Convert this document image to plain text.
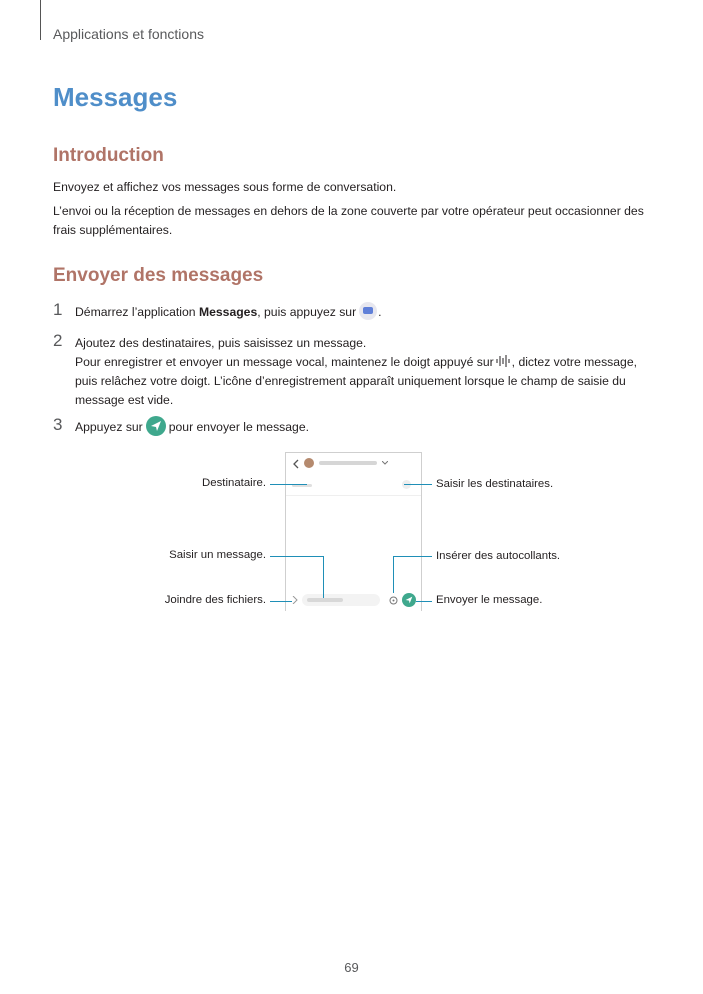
Applications et fonctions
Messages
Introduction
Envoyez et affichez vos messages sous forme de conversation.
L’envoi ou la réception de messages en dehors de la zone couverte par votre opérateur peut occasionner des frais supplémentaires.
Envoyer des messages
1 Démarrez l’application Messages, puis appuyez sur .
2 Ajoutez des destinataires, puis saisissez un message.
Pour enregistrer et envoyer un message vocal, maintenez le doigt appuyé sur , dictez votre message, puis relâchez votre doigt. L’icône d’enregistrement apparaît uniquement lorsque le champ de saisie du message est vide.
3 Appuyez sur pour envoyer le message.
Destinataire.	Saisir les destinataires.
Saisir un message.	Insérer des autocollants.
Joindre des fichiers.	Envoyer le message.
69
